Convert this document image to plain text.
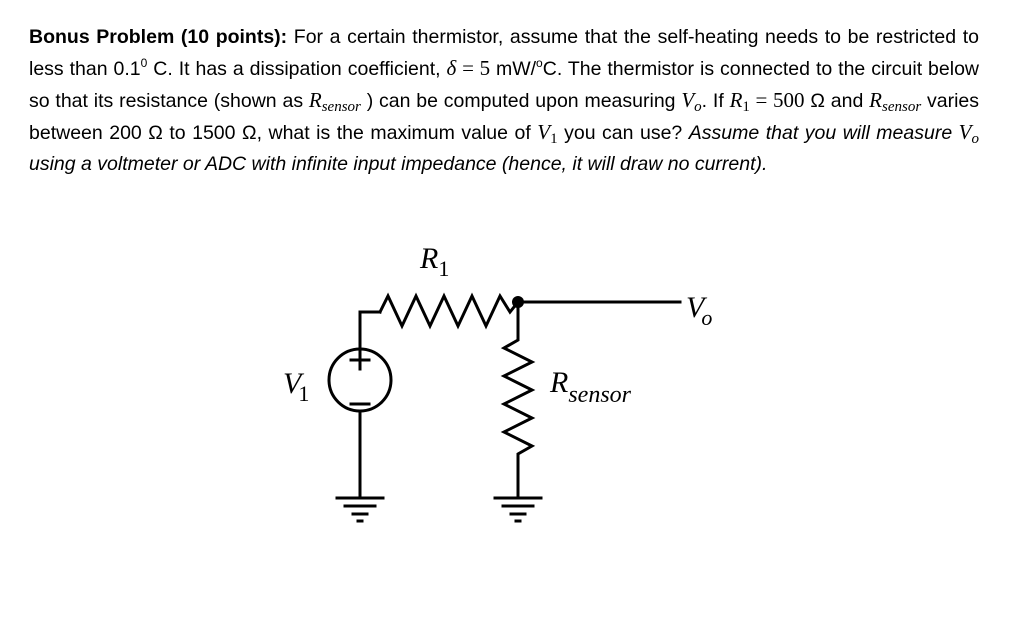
Bonus Problem (10 points): For a certain thermistor, assume that the self-heating needs to be restricted to less than $0.1^0$ C. It has a dissipation coefficient, δ = 5 mW/$^o$C. The thermistor is connected to the circuit below so that its resistance (shown as $R_{sensor}$ ) can be computed upon measuring $V_o$. If $R_1 = 500$ Ω and $R_{sensor}$ varies between 200 Ω to 1500 Ω, what is the maximum value of $V_1$ you can use? Assume that you will measure $V_o$ using a voltmeter or ADC with infinite input impedance (hence, it will draw no current).

$R_1$
Vo
V1	$R_{sensor}$
